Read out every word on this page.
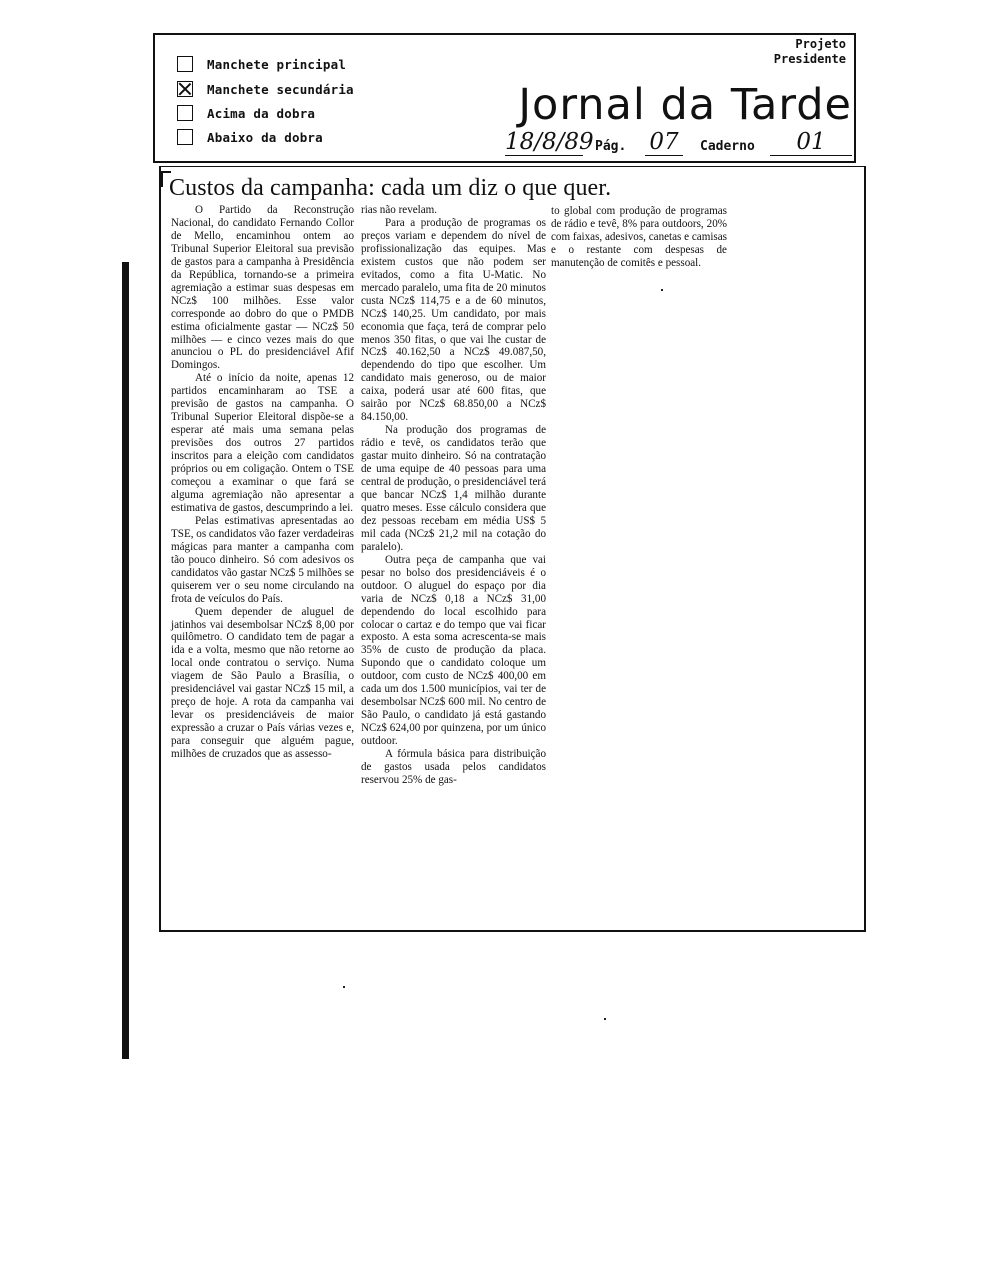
Manchete principal
Manchete secundária
Acima da dobra
Abaixo da dobra
Projeto
Presidente
Jornal da Tarde
18/8/89 Pág. 07	Caderno	01
Custos da campanha: cada um diz o que quer.

O Partido da Reconstrução Nacional, do candidato Fernando Collor de Mello, encaminhou ontem ao Tribunal Superior Eleitoral sua previsão de gastos para a campanha à Presidência da República, tornando-se a primeira agremiação a estimar suas despesas em NCz$ 100 milhões. Esse valor corresponde ao dobro do que o PMDB estima oficialmente gastar — NCz$ 50 milhões — e cinco vezes mais do que anunciou o PL do presidenciável Afif Domingos.

Até o início da noite, apenas 12 partidos encaminharam ao TSE a previsão de gastos na campanha. O Tribunal Superior Eleitoral dispõe-se a esperar até mais uma semana pelas previsões dos outros 27 partidos inscritos para a eleição com candidatos próprios ou em coligação. Ontem o TSE começou a examinar o que fará se alguma agremiação não apresentar a estimativa de gastos, descumprindo a lei.

Pelas estimativas apresentadas ao TSE, os candidatos vão fazer verdadeiras mágicas para manter a campanha com tão pouco dinheiro. Só com adesivos os candidatos vão gastar NCz$ 5 milhões se quiserem ver o seu nome circulando na frota de veículos do País.

Quem depender de aluguel de jatinhos vai desembolsar NCz$ 8,00 por quilômetro. O candidato tem de pagar a ida e a volta, mesmo que não retorne ao local onde contratou o serviço. Numa viagem de São Paulo a Brasília, o presidenciável vai gastar NCz$ 15 mil, a preço de hoje. A rota da campanha vai levar os presidenciáveis de maior expressão a cruzar o País várias vezes e, para conseguir que alguém pague, milhões de cruzados que as assesso-

rias não revelam.

Para a produção de programas os preços variam e dependem do nível de profissionalização das equipes. Mas existem custos que não podem ser evitados, como a fita U-Matic. No mercado paralelo, uma fita de 20 minutos custa NCz$ 114,75 e a de 60 minutos, NCz$ 140,25. Um candidato, por mais economia que faça, terá de comprar pelo menos 350 fitas, o que vai lhe custar de NCz$ 40.162,50 a NCz$ 49.087,50, dependendo do tipo que escolher. Um candidato mais generoso, ou de maior caixa, poderá usar até 600 fitas, que sairão por NCz$ 68.850,00 a NCz$ 84.150,00.

Na produção dos programas de rádio e tevê, os candidatos terão que gastar muito dinheiro. Só na contratação de uma equipe de 40 pessoas para uma central de produção, o presidenciável terá que bancar NCz$ 1,4 milhão durante quatro meses. Esse cálculo considera que dez pessoas recebam em média US$ 5 mil cada (NCz$ 21,2 mil na cotação do paralelo).

Outra peça de campanha que vai pesar no bolso dos presidenciáveis é o outdoor. O aluguel do espaço por dia varia de NCz$ 0,18 a NCz$ 31,00 dependendo do local escolhido para colocar o cartaz e do tempo que vai ficar exposto. A esta soma acrescenta-se mais 35% de custo de produção da placa. Supondo que o candidato coloque um outdoor, com custo de NCz$ 400,00 em cada um dos 1.500 municípios, vai ter de desembolsar NCz$ 600 mil. No centro de São Paulo, o candidato já está gastando NCz$ 624,00 por quinzena, por um único outdoor.

A fórmula básica para distribuição de gastos usada pelos candidatos reservou 25% de gas-

to global com produção de programas de rádio e tevê, 8% para outdoors, 20% com faixas, adesivos, canetas e camisas e o restante com despesas de manutenção de comitês e pessoal.
